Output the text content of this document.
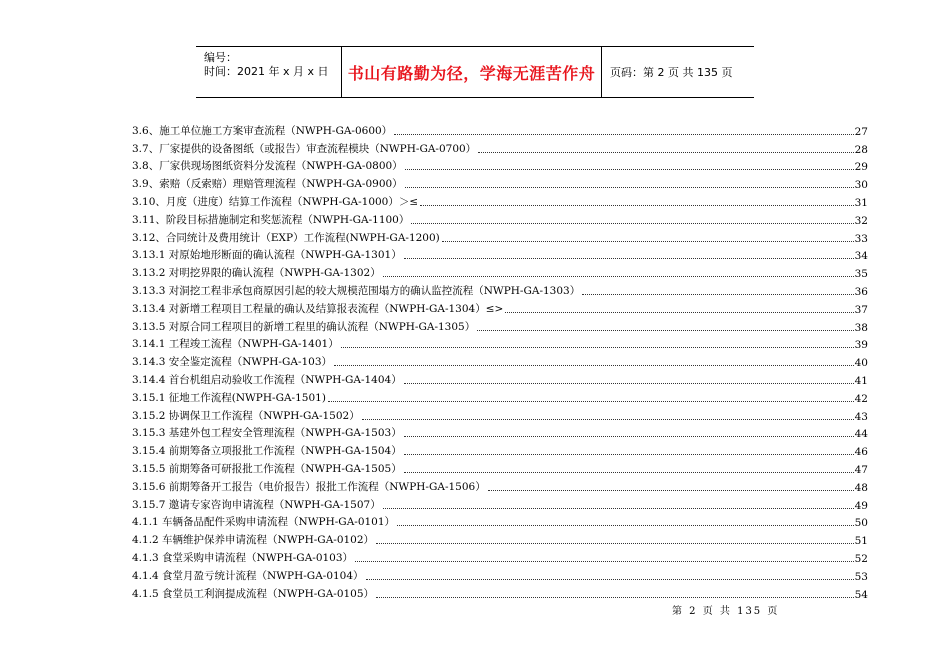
编号：
时间：2021 年 x 月 x 日	书山有路勤为径，学海无涯苦作舟	页码：第 2 页 共 135 页
3.6、施工单位施工方案审查流程（NWPH-GA-0600）	27
3.7、厂家提供的设备图纸（或报告）审查流程模块（NWPH-GA-0700）	28
3.8、厂家供现场图纸资料分发流程（NWPH-GA-0800）	29
3.9、索赔（反索赔）理赔管理流程（NWPH-GA-0900）	30
3.10、月度（进度）结算工作流程（NWPH-GA-1000）＞≤	31
3.11、阶段目标措施制定和奖惩流程（NWPH-GA-1100）	32
3.12、合同统计及费用统计（EXP）工作流程(NWPH-GA-1200)	33
3.13.1 对原始地形断面的确认流程（NWPH-GA-1301）	34
3.13.2 对明挖界限的确认流程（NWPH-GA-1302）	35
3.13.3 对洞挖工程非承包商原因引起的较大规模范围塌方的确认监控流程（NWPH-GA-1303）	36
3.13.4 对新增工程项目工程量的确认及结算报表流程（NWPH-GA-1304）≤>	37
3.13.5 对原合同工程项目的新增工程里的确认流程（NWPH-GA-1305）	38
3.14.1 工程竣工流程（NWPH-GA-1401）	39
3.14.3 安全鉴定流程（NWPH-GA-103）	40
3.14.4 首台机组启动验收工作流程（NWPH-GA-1404）	41
3.15.1 征地工作流程(NWPH-GA-1501)	42
3.15.2 协调保卫工作流程（NWPH-GA-1502）	43
3.15.3 基建外包工程安全管理流程（NWPH-GA-1503）	44
3.15.4 前期筹备立项报批工作流程（NWPH-GA-1504）	46
3.15.5 前期筹备可研报批工作流程（NWPH-GA-1505）	47
3.15.6 前期筹备开工报告（电价报告）报批工作流程（NWPH-GA-1506）	48
3.15.7 邀请专家咨询申请流程（NWPH-GA-1507）	49
4.1.1 车辆备品配件采购申请流程（NWPH-GA-0101）	50
4.1.2 车辆维护保养申请流程（NWPH-GA-0102）	51
4.1.3 食堂采购申请流程（NWPH-GA-0103）	52
4.1.4 食堂月盈亏统计流程（NWPH-GA-0104）	53
4.1.5 食堂员工利润提成流程（NWPH-GA-0105）	54
第 2 页 共 135 页
